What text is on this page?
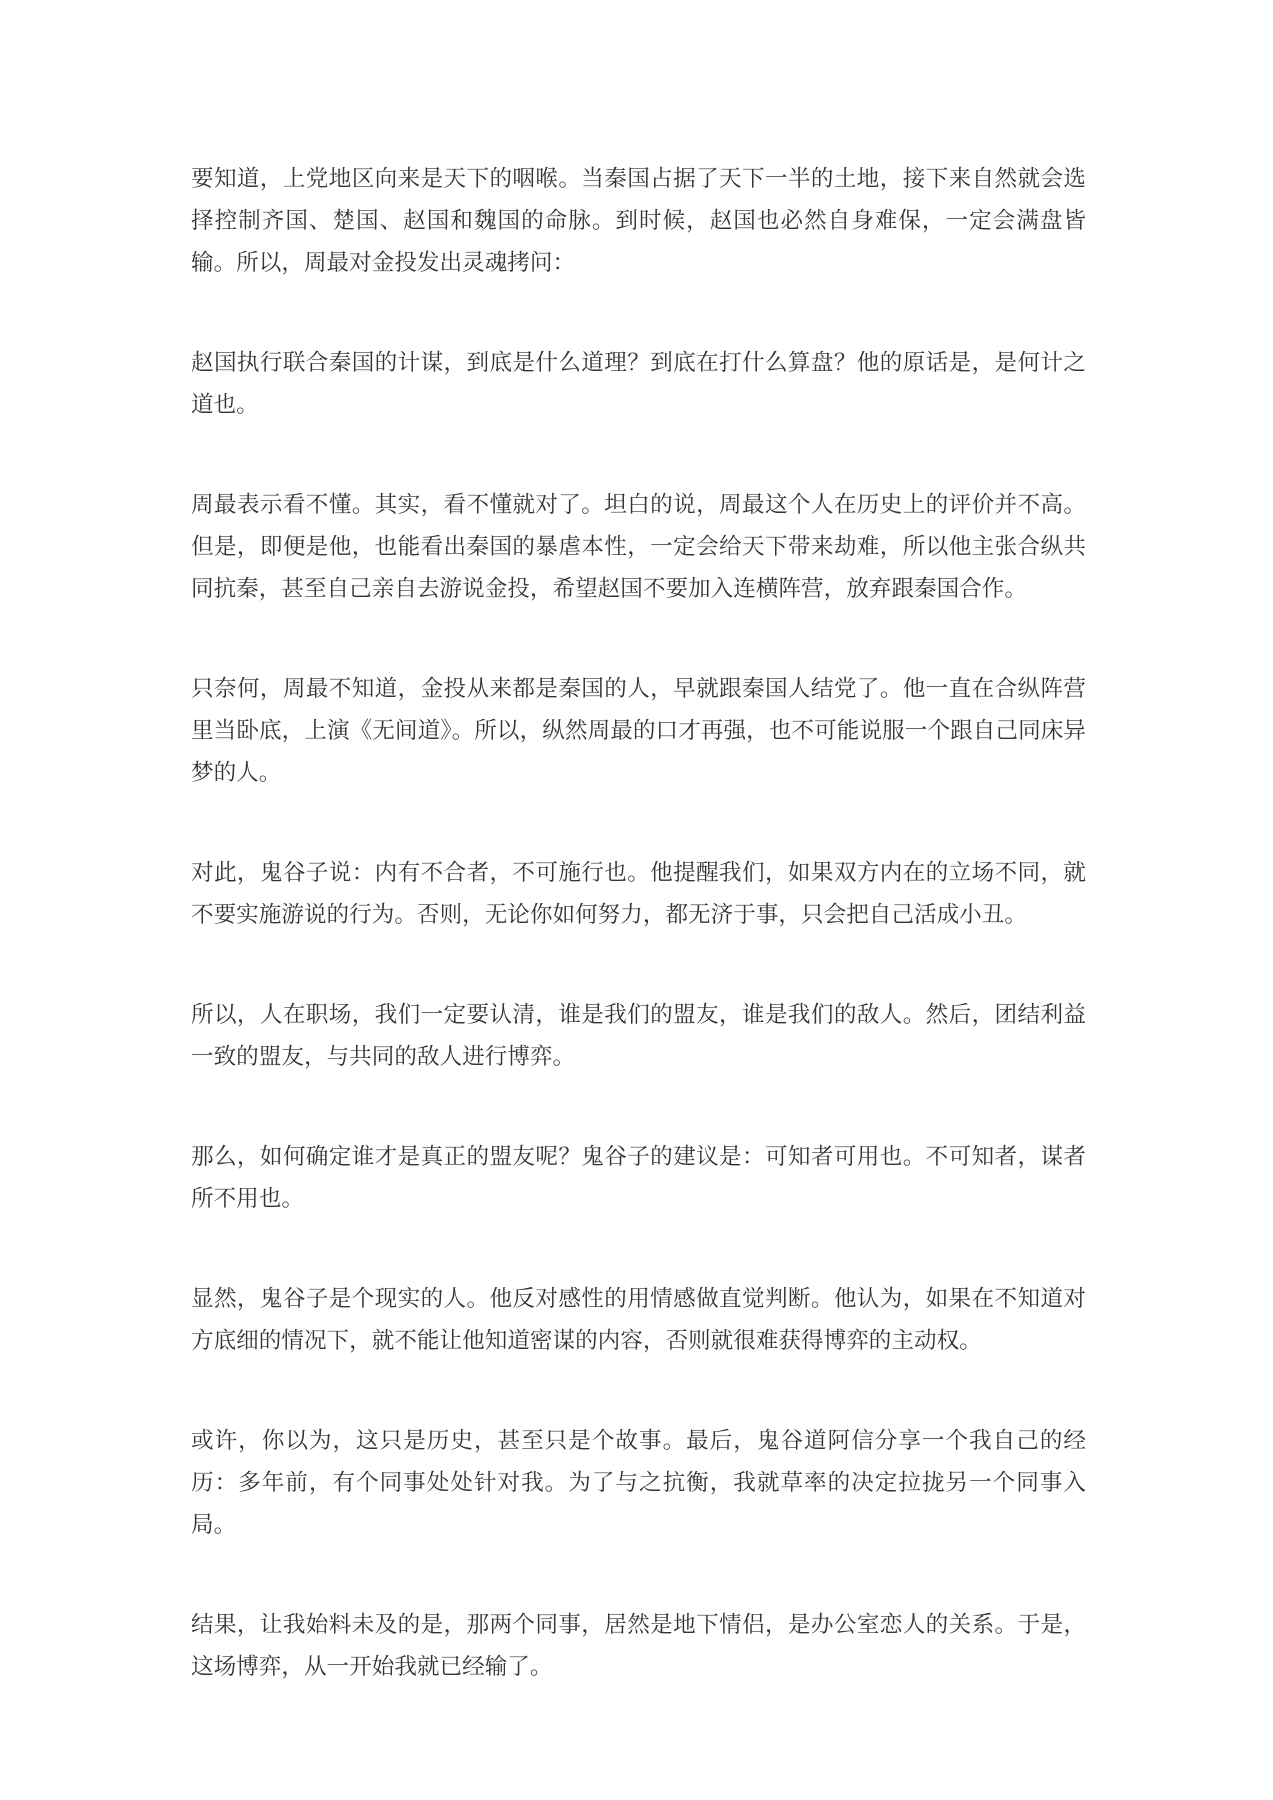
要知道，上党地区向来是天下的咽喉。当秦国占据了天下一半的土地，接下来自然就会选择控制齐国、楚国、赵国和魏国的命脉。到时候，赵国也必然自身难保，一定会满盘皆输。所以，周最对金投发出灵魂拷问：

赵国执行联合秦国的计谋，到底是什么道理？到底在打什么算盘？他的原话是，是何计之道也。

周最表示看不懂。其实，看不懂就对了。坦白的说，周最这个人在历史上的评价并不高。但是，即便是他，也能看出秦国的暴虐本性，一定会给天下带来劫难，所以他主张合纵共同抗秦，甚至自己亲自去游说金投，希望赵国不要加入连横阵营，放弃跟秦国合作。

只奈何，周最不知道，金投从来都是秦国的人，早就跟秦国人结党了。他一直在合纵阵营里当卧底，上演《无间道》。所以，纵然周最的口才再强，也不可能说服一个跟自己同床异梦的人。

对此，鬼谷子说：内有不合者，不可施行也。他提醒我们，如果双方内在的立场不同，就不要实施游说的行为。否则，无论你如何努力，都无济于事，只会把自己活成小丑。

所以，人在职场，我们一定要认清，谁是我们的盟友，谁是我们的敌人。然后，团结利益一致的盟友，与共同的敌人进行博弈。

那么，如何确定谁才是真正的盟友呢？鬼谷子的建议是：可知者可用也。不可知者，谋者所不用也。

显然，鬼谷子是个现实的人。他反对感性的用情感做直觉判断。他认为，如果在不知道对方底细的情况下，就不能让他知道密谋的内容，否则就很难获得博弈的主动权。

或许，你以为，这只是历史，甚至只是个故事。最后，鬼谷道阿信分享一个我自己的经历：多年前，有个同事处处针对我。为了与之抗衡，我就草率的决定拉拢另一个同事入局。

结果，让我始料未及的是，那两个同事，居然是地下情侣，是办公室恋人的关系。于是，这场博弈，从一开始我就已经输了。
